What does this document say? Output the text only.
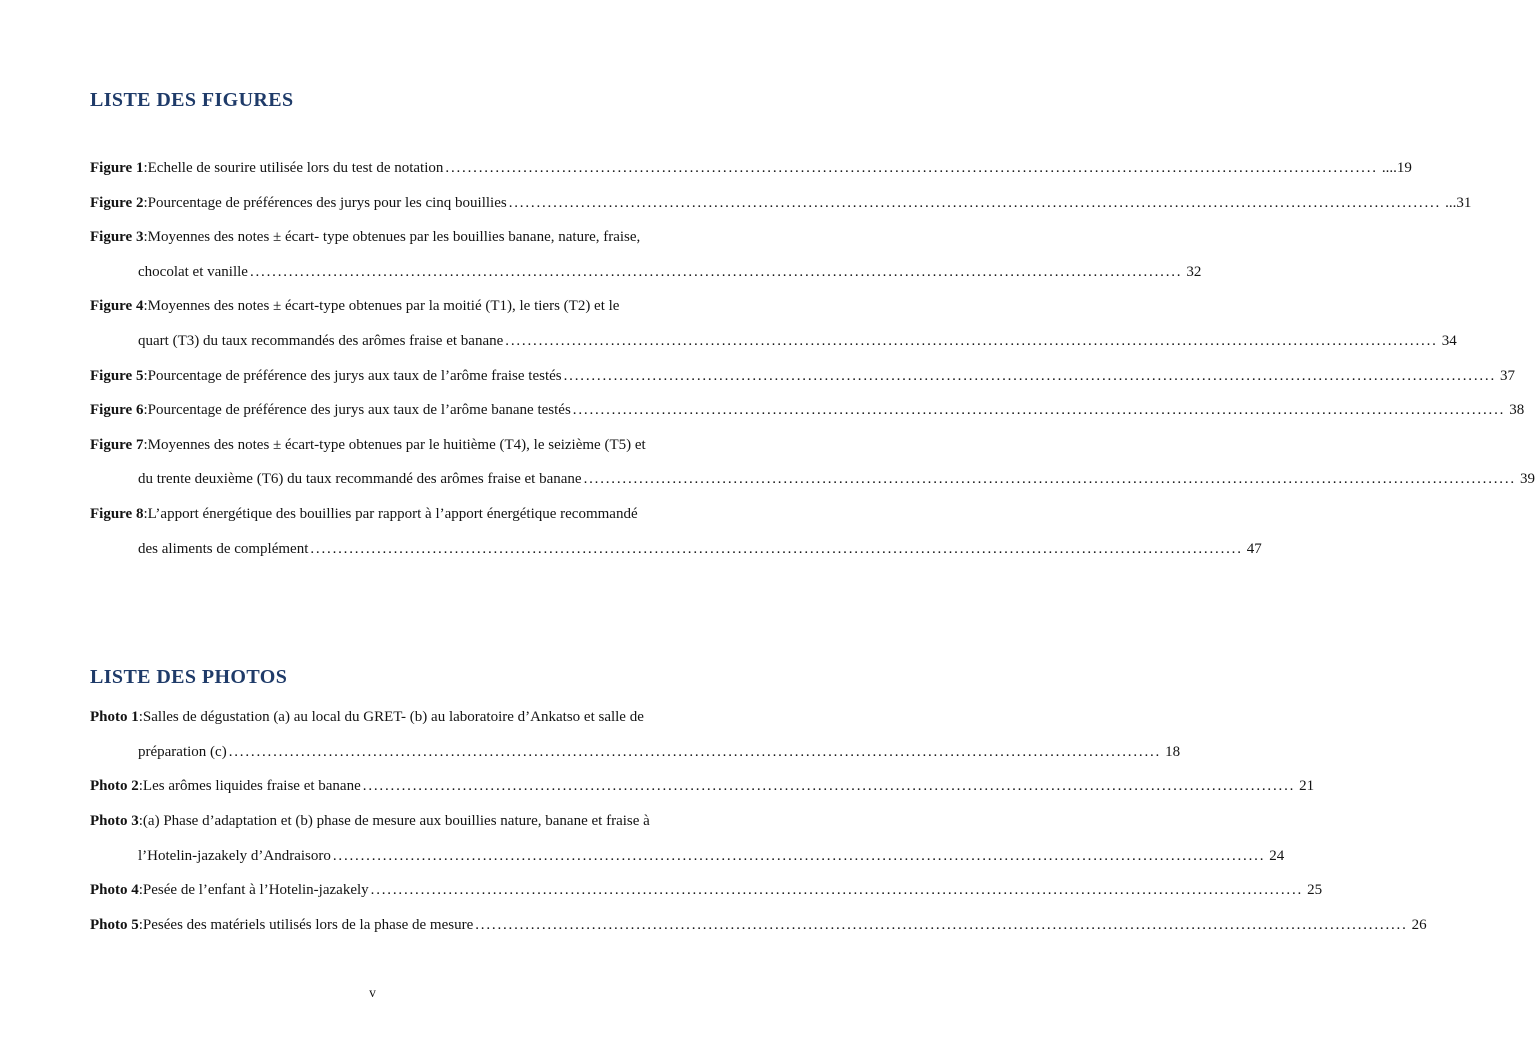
LISTE DES FIGURES
Figure 1 : Echelle de sourire utilisée lors du test de notation .....	....19
Figure 2 : Pourcentage de préférences des jurys pour les cinq bouillies .....	...31
Figure 3 : Moyennes des notes ± écart- type obtenues par les bouillies banane, nature, fraise,
chocolat et vanille .....	32
Figure 4 : Moyennes des notes ± écart-type obtenues par la moitié (T1), le tiers (T2) et le
quart (T3) du taux recommandés des arômes fraise et banane .....	34
Figure 5 : Pourcentage de préférence des jurys aux taux de l’arôme fraise testés .....	37
Figure 6 : Pourcentage de préférence des jurys aux taux de l’arôme banane testés .....	38
Figure 7 : Moyennes des notes ± écart-type obtenues par le huitième (T4), le seizième (T5) et
du trente deuxième (T6) du taux recommandé des arômes fraise et banane .....	39
Figure 8 : L’apport énergétique des bouillies par rapport à l’apport énergétique recommandé
des aliments de complément .....	47
LISTE DES PHOTOS
Photo 1 : Salles de dégustation (a) au local du GRET- (b) au laboratoire d’Ankatso et salle de
préparation (c) .....	18
Photo 2 : Les arômes liquides fraise et banane .....	21
Photo 3 : (a) Phase d’adaptation et (b) phase de mesure aux bouillies nature, banane et fraise à
l’Hotelin-jazakely d’Andraisoro .....	24
Photo 4 : Pesée de l’enfant à l’Hotelin-jazakely .....	25
Photo 5 : Pesées des matériels utilisés lors de la phase de mesure .....	26
v
